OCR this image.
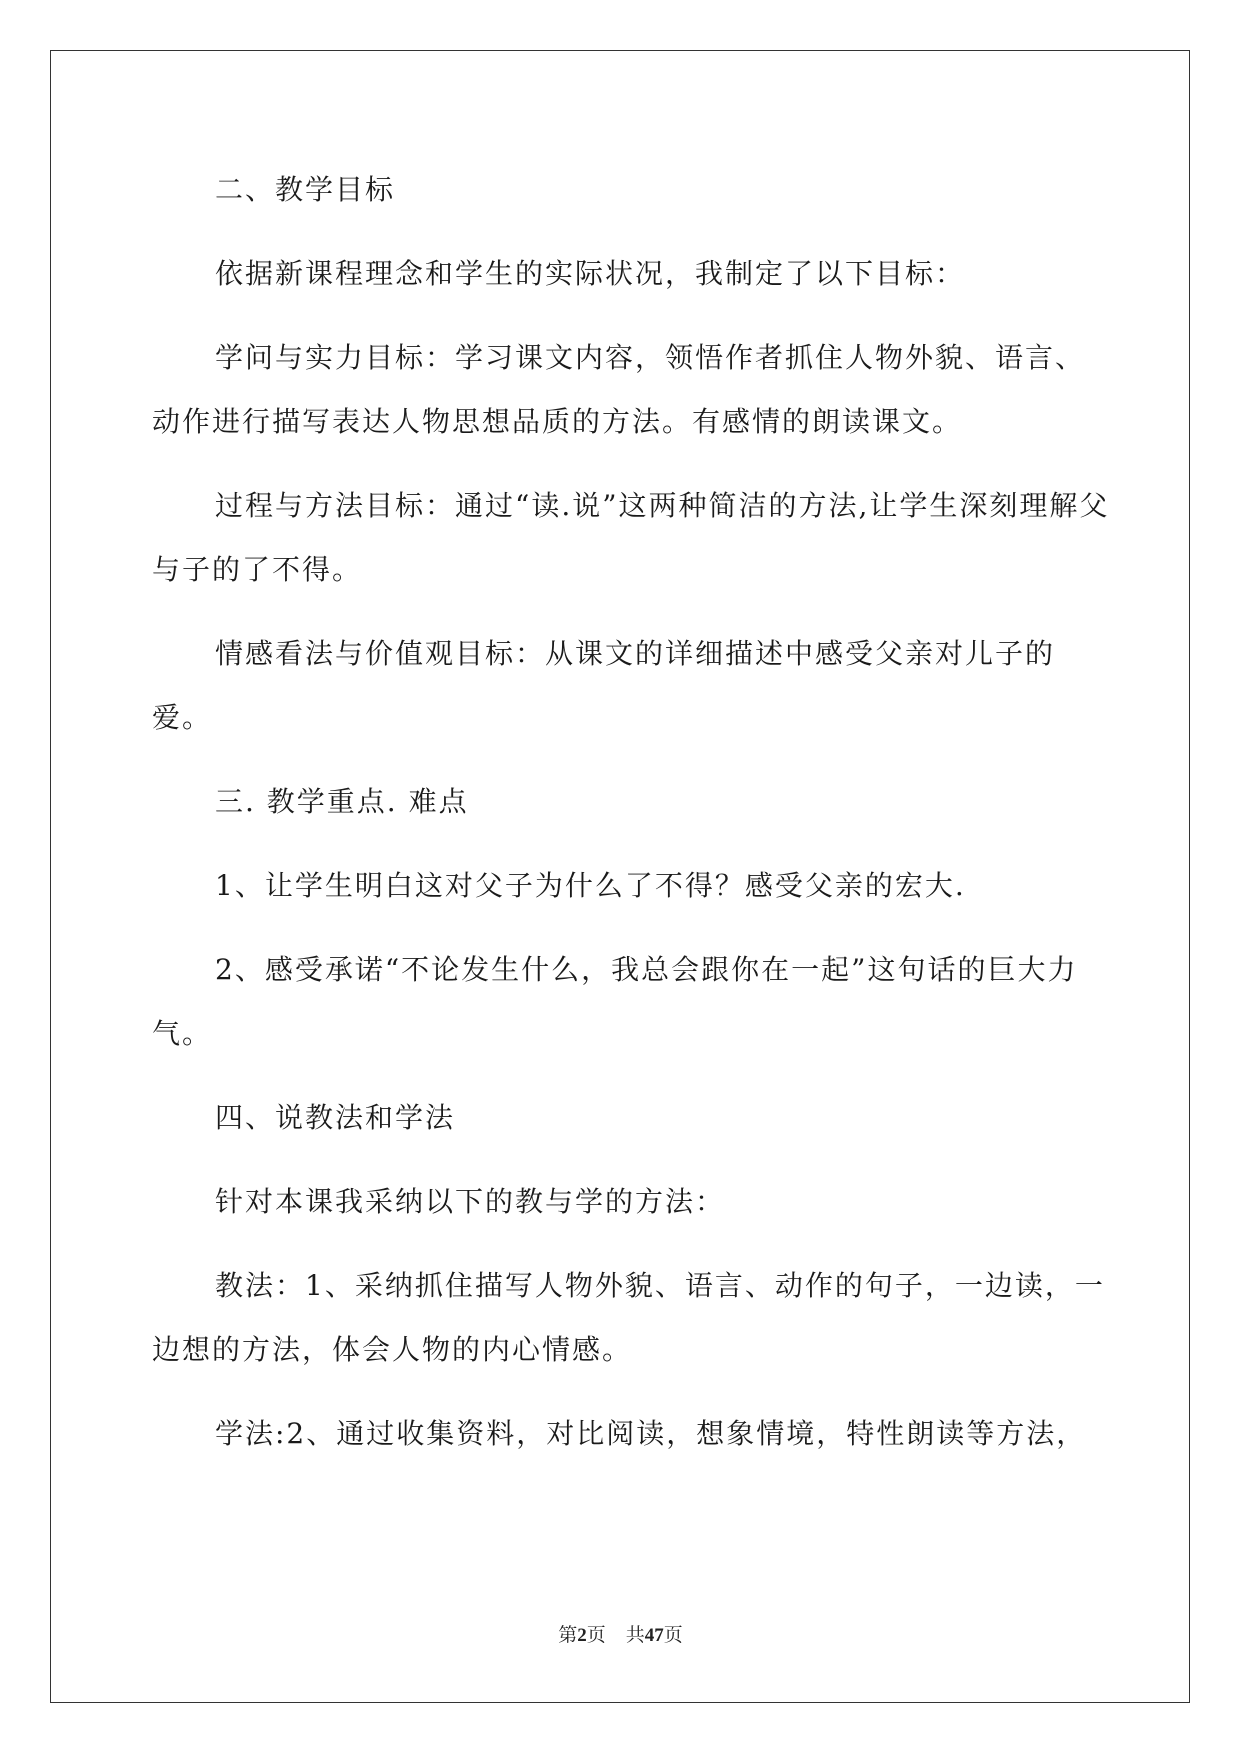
二、教学目标

依据新课程理念和学生的实际状况，我制定了以下目标：

学问与实力目标：学习课文内容，领悟作者抓住人物外貌、语言、动作进行描写表达人物思想品质的方法。有感情的朗读课文。

过程与方法目标：通过“读.说”这两种简洁的方法,让学生深刻理解父与子的了不得。

情感看法与价值观目标：从课文的详细描述中感受父亲对儿子的爱。

三. 教学重点. 难点

1、让学生明白这对父子为什么了不得？感受父亲的宏大.

2、感受承诺“不论发生什么，我总会跟你在一起”这句话的巨大力气。

四、说教法和学法

针对本课我采纳以下的教与学的方法：

教法：1、采纳抓住描写人物外貌、语言、动作的句子，一边读，一边想的方法，体会人物的内心情感。

学法:2、通过收集资料，对比阅读，想象情境，特性朗读等方法，

第2页 共47页
